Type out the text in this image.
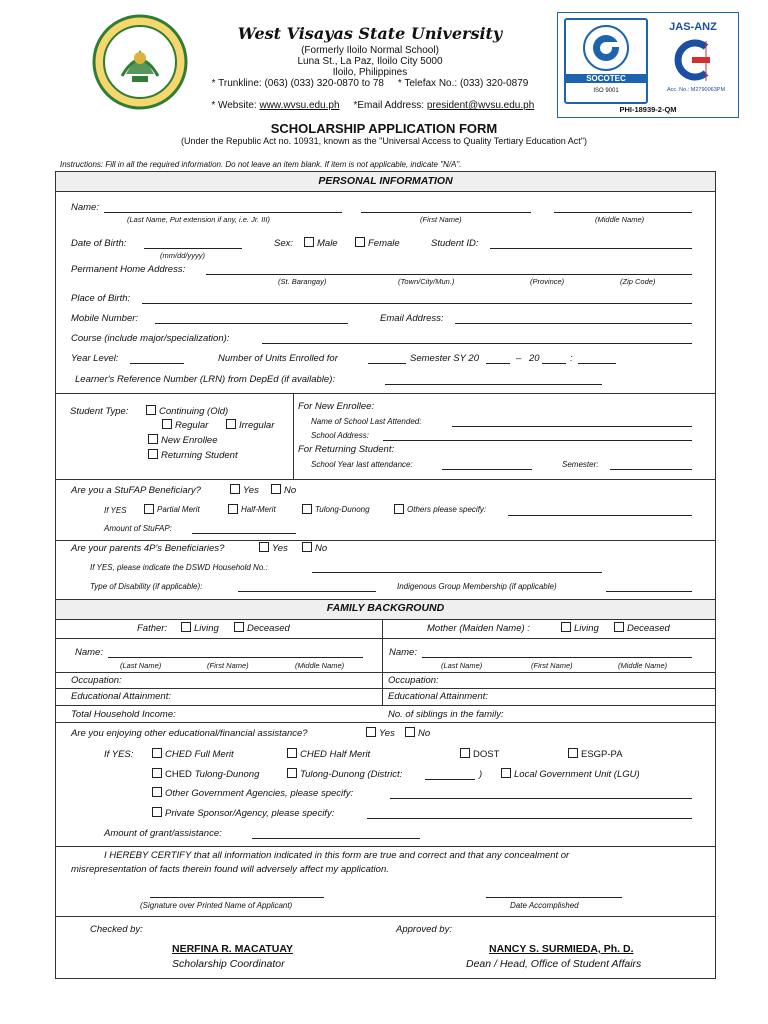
West Visayas State University
(Formerly Iloilo Normal School)
Luna St., La Paz, Iloilo City 5000
Iloilo, Philippines
* Trunkline: (063) (033) 320-0870 to 78     * Telefax No.: (033) 320-0879

* Website: www.wvsu.edu.ph *Email Address: president@wvsu.edu.ph

SOCOTEC
ISO 9001
JAS-ANZ
Acc. No.: M2790063PM
PHI-18939-2-QM
SCHOLARSHIP APPLICATION FORM
(Under the Republic Act no. 10931, known as the "Universal Access to Quality Tertiary Education Act")
Instructions: Fill in all the required information. Do not leave an item blank. If item is not applicable, indicate "N/A".
PERSONAL INFORMATION
Name:
(Last Name, Put extension if any, i.e. Jr. III)	(First Name)	(Middle Name)
Date of Birth:
(mm/dd/yyyy)
Sex:	Male	Female	Student ID:
Permanent Home Address:
(St. Barangay)	(Town/City/Mun.)	(Province)	(Zip Code)
Place of Birth:
Mobile Number:	Email Address:
Course (include major/specialization):
Year Level:	Number of Units Enrolled for	Semester SY 20	– 20	:
Learner's Reference Number (LRN) from DepEd (if available):
Student Type:	Continuing (Old)
Regular	Irregular
New Enrollee
Returning Student
For New Enrollee:
Name of School Last Attended:
School Address:
For Returning Student:
School Year last attendance:	Semester:
Are you a StuFAP Beneficiary?	Yes	No
If YES	Partial Merit	Half-Merit	Tulong-Dunong	Others please specify:
Amount of StuFAP:
Are your parents 4P's Beneficiaries?	Yes	No
If YES, please indicate the DSWD Household No.:
Type of Disability (if applicable):	Indigenous Group Membership (if applicable)
FAMILY BACKGROUND
Father:	Living	Deceased	Mother (Maiden Name) :	Living	Deceased
Name:
(Last Name)	(First Name)	(Middle Name)
Name:
(Last Name)	(First Name)	(Middle Name)
Occupation:	Occupation:
Educational Attainment:	Educational Attainment:
Total Household Income:	No. of siblings in the family:
Are you enjoying other educational/financial assistance?	Yes	No
If YES:	CHED Full Merit	CHED Half Merit	DOST	ESGP-PA
CHED Tulong-Dunong	Tulong-Dunong (District:	)	Local Government Unit (LGU)
Other Government Agencies, please specify:
Private Sponsor/Agency, please specify:
Amount of grant/assistance:
I HEREBY CERTIFY that all information indicated in this form are true and correct and that any concealment or
misrepresentation of facts therein found will adversely affect my application.
(Signature over Printed Name of Applicant)	Date Accomplished
Checked by:	Approved by:
NERFINA R. MACATUAY
Scholarship Coordinator
NANCY S. SURMIEDA, Ph. D.
Dean / Head, Office of Student Affairs
